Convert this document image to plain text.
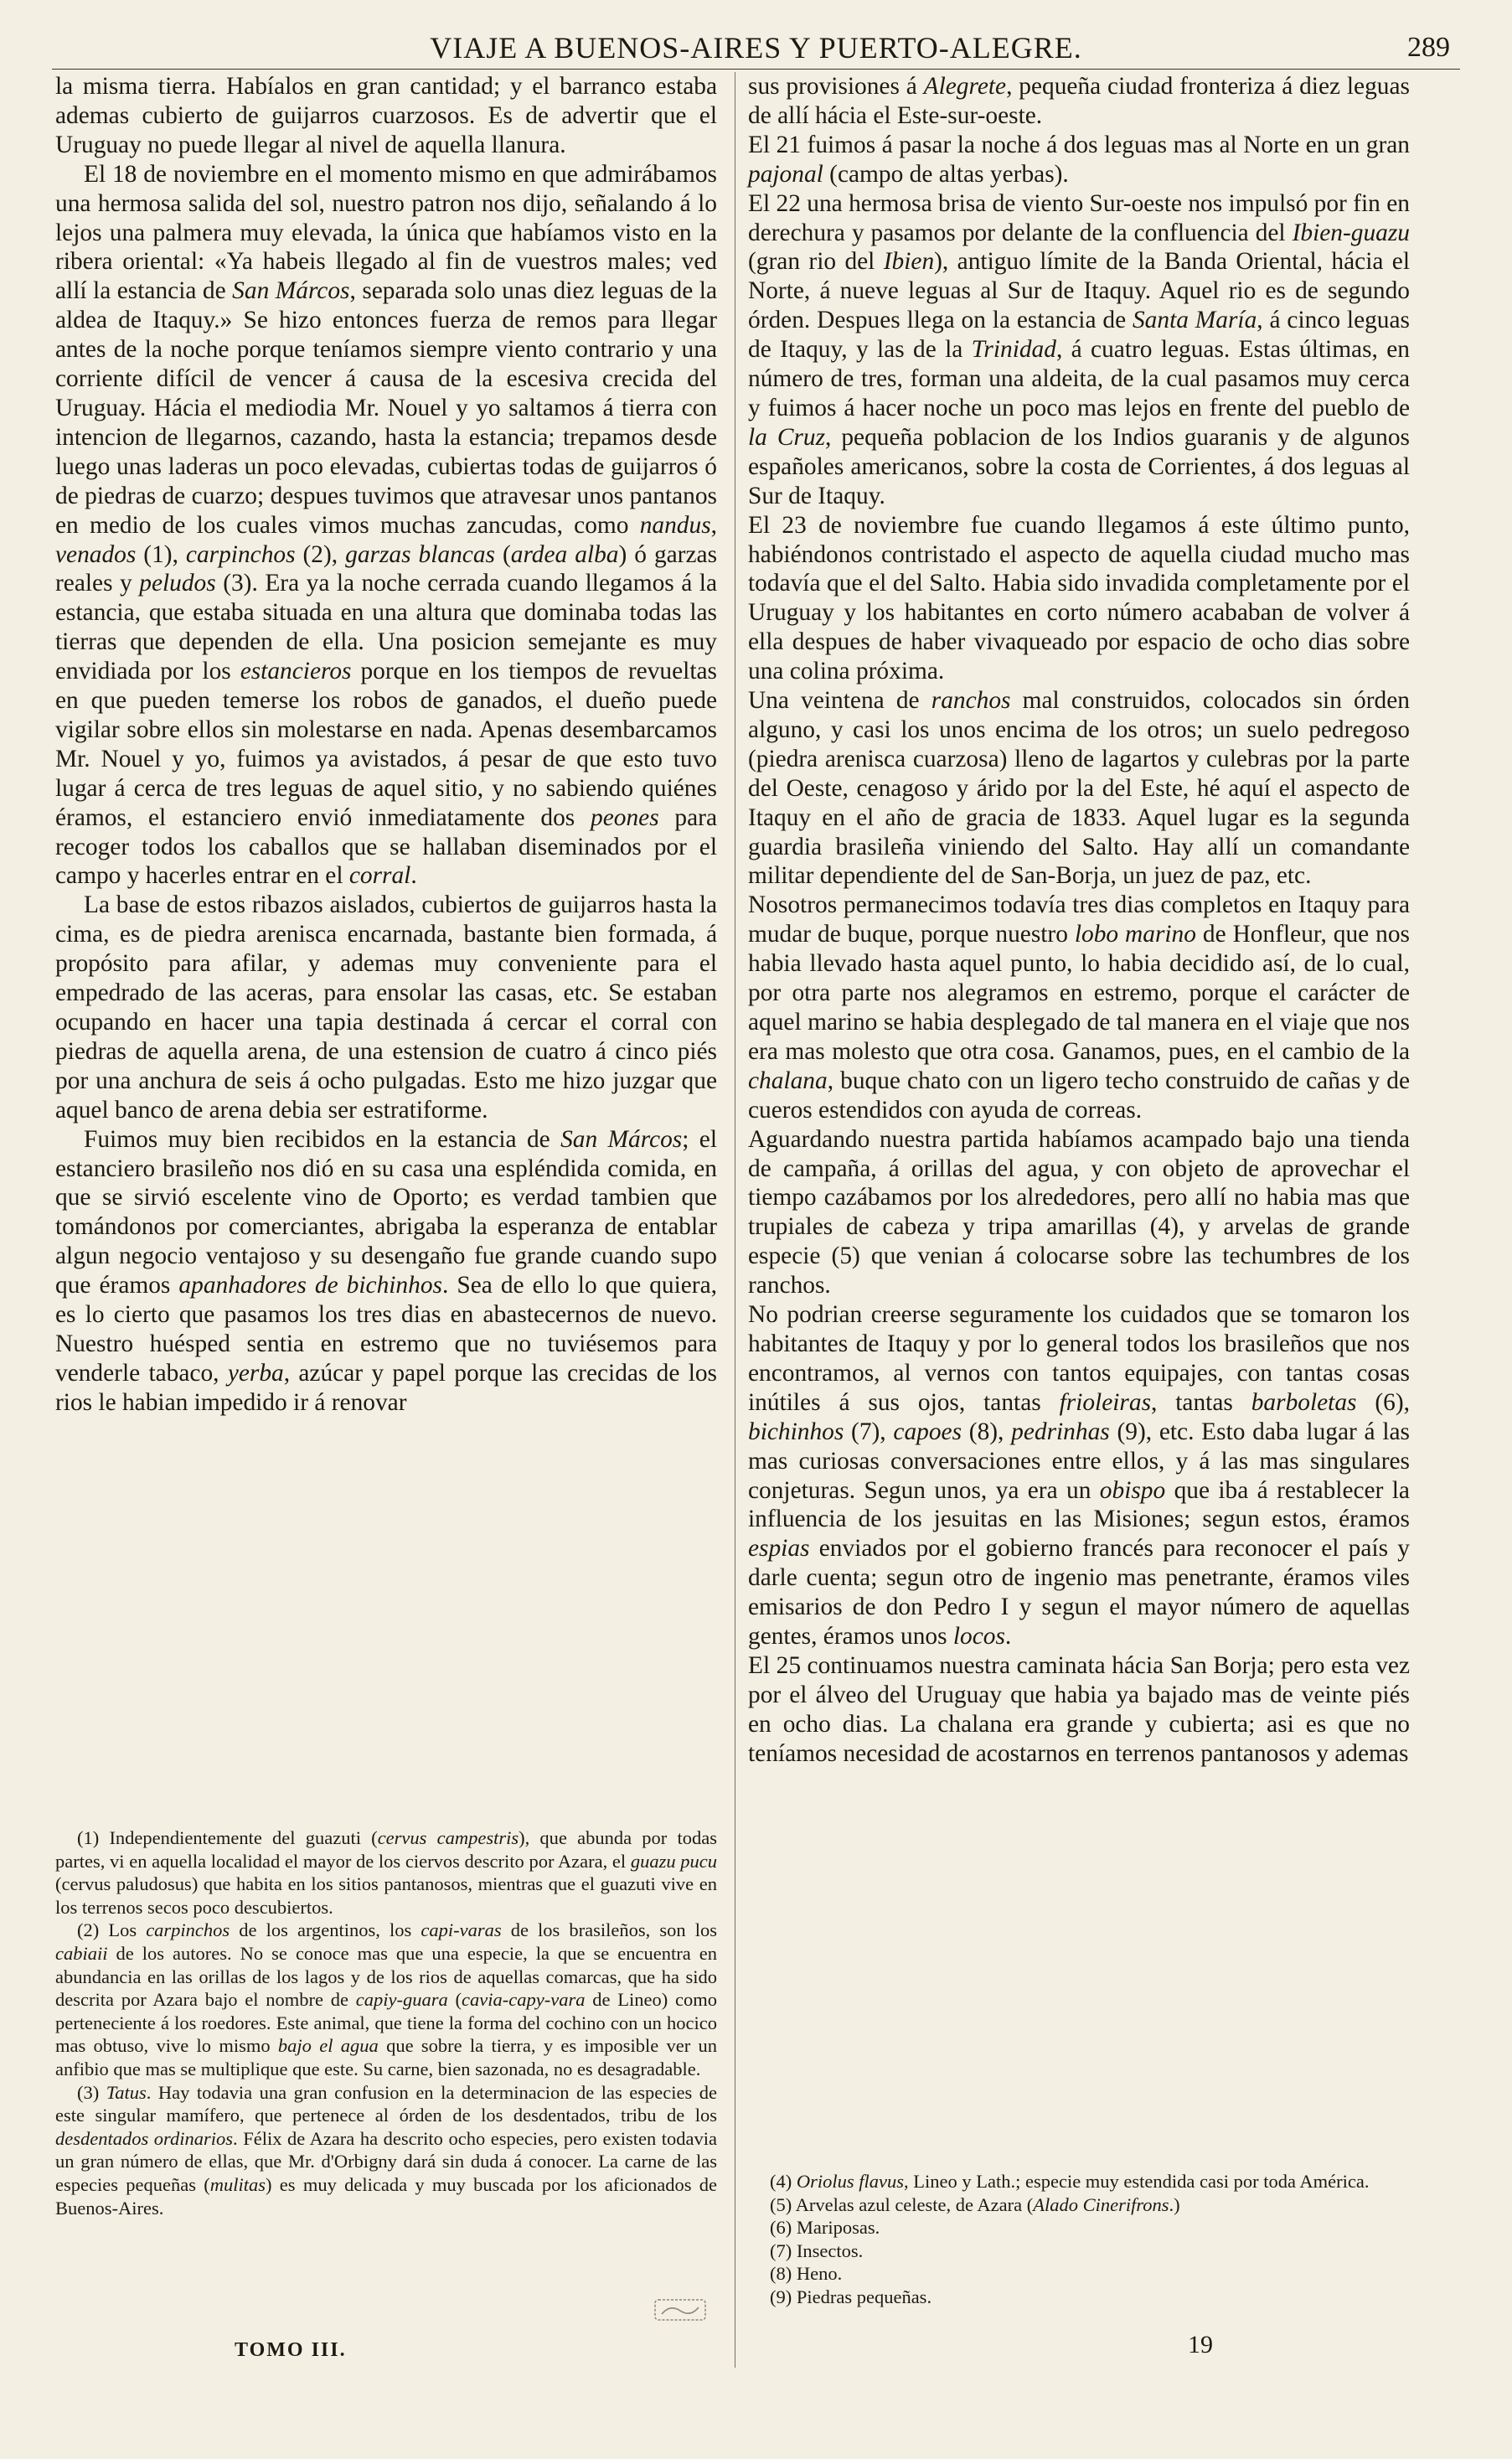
VIAJE A BUENOS-AIRES Y PUERTO-ALEGRE.	289

la misma tierra. Habíalos en gran cantidad; y el barranco estaba ademas cubierto de guijarros cuarzosos. Es de advertir que el Uruguay no puede llegar al nivel de aquella llanura.

El 18 de noviembre en el momento mismo en que admirábamos una hermosa salida del sol, nuestro patron nos dijo, señalando á lo lejos una palmera muy elevada, la única que habíamos visto en la ribera oriental: «Ya habeis llegado al fin de vuestros males; ved allí la estancia de San Márcos, separada solo unas diez leguas de la aldea de Itaquy.» Se hizo entonces fuerza de remos para llegar antes de la noche porque teníamos siempre viento contrario y una corriente difícil de vencer á causa de la escesiva crecida del Uruguay. Hácia el mediodia Mr. Nouel y yo saltamos á tierra con intencion de llegarnos, cazando, hasta la estancia; trepamos desde luego unas laderas un poco elevadas, cubiertas todas de guijarros ó de piedras de cuarzo; despues tuvimos que atravesar unos pantanos en medio de los cuales vimos muchas zancudas, como nandus, venados (1), carpinchos (2), garzas blancas (ardea alba) ó garzas reales y peludos (3). Era ya la noche cerrada cuando llegamos á la estancia, que estaba situada en una altura que dominaba todas las tierras que dependen de ella. Una posicion semejante es muy envidiada por los estancieros porque en los tiempos de revueltas en que pueden temerse los robos de ganados, el dueño puede vigilar sobre ellos sin molestarse en nada. Apenas desembarcamos Mr. Nouel y yo, fuimos ya avistados, á pesar de que esto tuvo lugar á cerca de tres leguas de aquel sitio, y no sabiendo quiénes éramos, el estanciero envió inmediatamente dos peones para recoger todos los caballos que se hallaban diseminados por el campo y hacerles entrar en el corral.

La base de estos ribazos aislados, cubiertos de guijarros hasta la cima, es de piedra arenisca encarnada, bastante bien formada, á propósito para afilar, y ademas muy conveniente para el empedrado de las aceras, para ensolar las casas, etc. Se estaban ocupando en hacer una tapia destinada á cercar el corral con piedras de aquella arena, de una estension de cuatro á cinco piés por una anchura de seis á ocho pulgadas. Esto me hizo juzgar que aquel banco de arena debia ser estratiforme.

Fuimos muy bien recibidos en la estancia de San Márcos; el estanciero brasileño nos dió en su casa una espléndida comida, en que se sirvió escelente vino de Oporto; es verdad tambien que tomándonos por comerciantes, abrigaba la esperanza de entablar algun negocio ventajoso y su desengaño fue grande cuando supo que éramos apanhadores de bichinhos. Sea de ello lo que quiera, es lo cierto que pasamos los tres dias en abastecernos de nuevo. Nuestro huésped sentia en estremo que no tuviésemos para venderle tabaco, yerba, azúcar y papel porque las crecidas de los rios le habian impedido ir á renovar

sus provisiones á Alegrete, pequeña ciudad fronteriza á diez leguas de allí hácia el Este-sur-oeste.

El 21 fuimos á pasar la noche á dos leguas mas al Norte en un gran pajonal (campo de altas yerbas).

El 22 una hermosa brisa de viento Sur-oeste nos impulsó por fin en derechura y pasamos por delante de la confluencia del Ibien-guazu (gran rio del Ibien), antiguo límite de la Banda Oriental, hácia el Norte, á nueve leguas al Sur de Itaquy. Aquel rio es de segundo órden. Despues llega on la estancia de Santa María, á cinco leguas de Itaquy, y las de la Trinidad, á cuatro leguas. Estas últimas, en número de tres, forman una aldeita, de la cual pasamos muy cerca y fuimos á hacer noche un poco mas lejos en frente del pueblo de la Cruz, pequeña poblacion de los Indios guaranis y de algunos españoles americanos, sobre la costa de Corrientes, á dos leguas al Sur de Itaquy.

El 23 de noviembre fue cuando llegamos á este último punto, habiéndonos contristado el aspecto de aquella ciudad mucho mas todavía que el del Salto. Habia sido invadida completamente por el Uruguay y los habitantes en corto número acababan de volver á ella despues de haber vivaqueado por espacio de ocho dias sobre una colina próxima.

Una veintena de ranchos mal construidos, colocados sin órden alguno, y casi los unos encima de los otros; un suelo pedregoso (piedra arenisca cuarzosa) lleno de lagartos y culebras por la parte del Oeste, cenagoso y árido por la del Este, hé aquí el aspecto de Itaquy en el año de gracia de 1833. Aquel lugar es la segunda guardia brasileña viniendo del Salto. Hay allí un comandante militar dependiente del de San-Borja, un juez de paz, etc.

Nosotros permanecimos todavía tres dias completos en Itaquy para mudar de buque, porque nuestro lobo marino de Honfleur, que nos habia llevado hasta aquel punto, lo habia decidido así, de lo cual, por otra parte nos alegramos en estremo, porque el carácter de aquel marino se habia desplegado de tal manera en el viaje que nos era mas molesto que otra cosa. Ganamos, pues, en el cambio de la chalana, buque chato con un ligero techo construido de cañas y de cueros estendidos con ayuda de correas.

Aguardando nuestra partida habíamos acampado bajo una tienda de campaña, á orillas del agua, y con objeto de aprovechar el tiempo cazábamos por los alrededores, pero allí no habia mas que trupiales de cabeza y tripa amarillas (4), y arvelas de grande especie (5) que venian á colocarse sobre las techumbres de los ranchos.

No podrian creerse seguramente los cuidados que se tomaron los habitantes de Itaquy y por lo general todos los brasileños que nos encontramos, al vernos con tantos equipajes, con tantas cosas inútiles á sus ojos, tantas frioleiras, tantas barboletas (6), bichinhos (7), capoes (8), pedrinhas (9), etc. Esto daba lugar á las mas curiosas conversaciones entre ellos, y á las mas singulares conjeturas. Segun unos, ya era un obispo que iba á restablecer la influencia de los jesuitas en las Misiones; segun estos, éramos espias enviados por el gobierno francés para reconocer el país y darle cuenta; segun otro de ingenio mas penetrante, éramos viles emisarios de don Pedro I y segun el mayor número de aquellas gentes, éramos unos locos.

El 25 continuamos nuestra caminata hácia San Borja; pero esta vez por el álveo del Uruguay que habia ya bajado mas de veinte piés en ocho dias. La chalana era grande y cubierta; asi es que no teníamos necesidad de acostarnos en terrenos pantanosos y ademas

(1) Independientemente del guazuti (cervus campestris), que abunda por todas partes, vi en aquella localidad el mayor de los ciervos descrito por Azara, el guazu pucu (cervus paludosus) que habita en los sitios pantanosos, mientras que el guazuti vive en los terrenos secos poco descubiertos.

(2) Los carpinchos de los argentinos, los capi-varas de los brasileños, son los cabiaii de los autores. No se conoce mas que una especie, la que se encuentra en abundancia en las orillas de los lagos y de los rios de aquellas comarcas, que ha sido descrita por Azara bajo el nombre de capiy-guara (cavia-capy-vara de Lineo) como perteneciente á los roedores. Este animal, que tiene la forma del cochino con un hocico mas obtuso, vive lo mismo bajo el agua que sobre la tierra, y es imposible ver un anfibio que mas se multiplique que este. Su carne, bien sazonada, no es desagradable.

(3) Tatus. Hay todavia una gran confusion en la determinacion de las especies de este singular mamífero, que pertenece al órden de los desdentados, tribu de los desdentados ordinarios. Félix de Azara ha descrito ocho especies, pero existen todavia un gran número de ellas, que Mr. d'Orbigny dará sin duda á conocer. La carne de las especies pequeñas (mulitas) es muy delicada y muy buscada por los aficionados de Buenos-Aires.

(4) Oriolus flavus, Lineo y Lath.; especie muy estendida casi por toda América.

(5) Arvelas azul celeste, de Azara (Alado Cinerifrons.)

(6) Mariposas.

(7) Insectos.

(8) Heno.

(9) Piedras pequeñas.

TOMO III.	19
